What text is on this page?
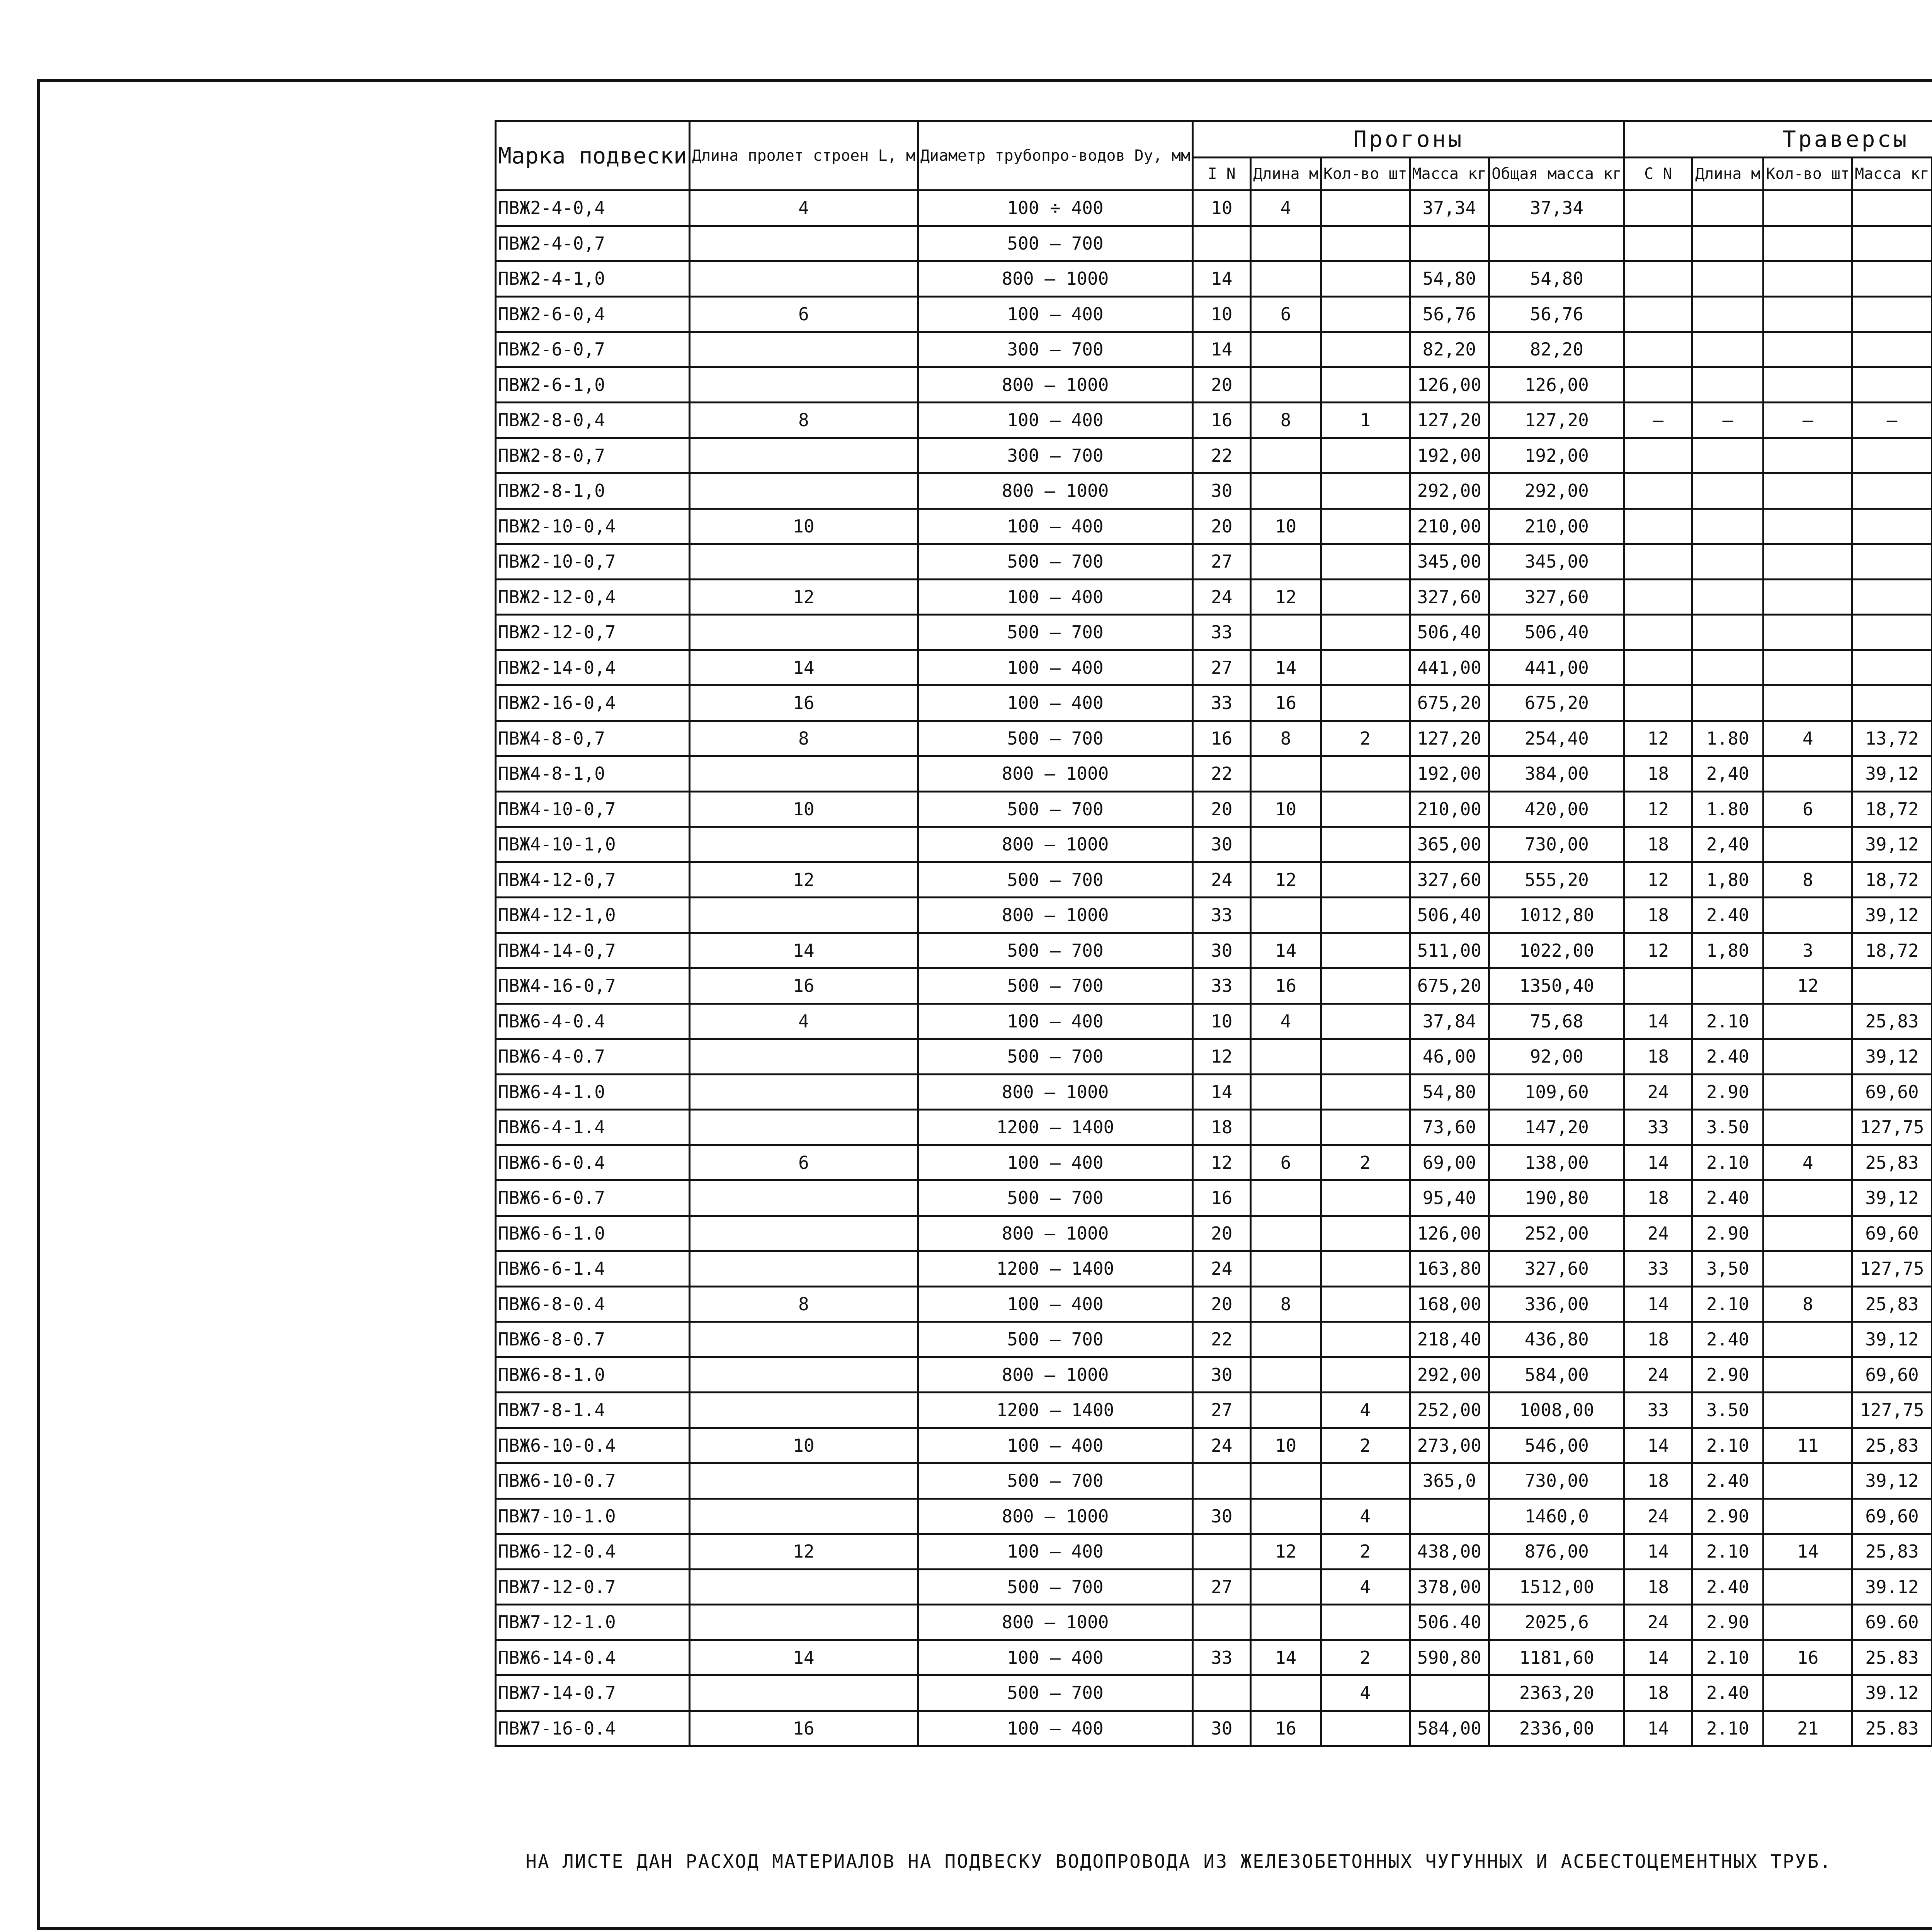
Марка подвески	Длина пролет строен L, м	Диаметр трубопро-водов Dy, мм	Прогоны					Траверсы	
			I N	Длина м	Кол-во шт	Масса кг	Общая масса кг	C N	Длина м	Кол-во шт	Масса кг						
ПВЖ2-4-0,4	4	100 ÷ 400	10	4		37,34	37,34										
ПВЖ2-4-0,7		500 – 700															
ПВЖ2-4-1,0		800 – 1000	14			54,80	54,80										
ПВЖ2-6-0,4	6	100 – 400	10	6		56,76	56,76										
ПВЖ2-6-0,7		300 – 700	14			82,20	82,20										
ПВЖ2-6-1,0		800 – 1000	20			126,00	126,00										
ПВЖ2-8-0,4	8	100 – 400	16	8	1	127,20	127,20	–	–	–	–						
ПВЖ2-8-0,7		300 – 700	22			192,00	192,00										
ПВЖ2-8-1,0		800 – 1000	30			292,00	292,00										
ПВЖ2-10-0,4	10	100 – 400	20	10		210,00	210,00										
ПВЖ2-10-0,7		500 – 700	27			345,00	345,00										
ПВЖ2-12-0,4	12	100 – 400	24	12		327,60	327,60										
ПВЖ2-12-0,7		500 – 700	33			506,40	506,40										
ПВЖ2-14-0,4	14	100 – 400	27	14		441,00	441,00										
ПВЖ2-16-0,4	16	100 – 400	33	16		675,20	675,20										
ПВЖ4-8-0,7	8	500 – 700	16	8	2	127,20	254,40	12	1.80	4	13,72						
ПВЖ4-8-1,0		800 – 1000	22			192,00	384,00	18	2,40		39,12						
ПВЖ4-10-0,7	10	500 – 700	20	10		210,00	420,00	12	1.80	6	18,72						
ПВЖ4-10-1,0		800 – 1000	30			365,00	730,00	18	2,40		39,12						
ПВЖ4-12-0,7	12	500 – 700	24	12		327,60	555,20	12	1,80	8	18,72						
ПВЖ4-12-1,0		800 – 1000	33			506,40	1012,80	18	2.40		39,12						
ПВЖ4-14-0,7	14	500 – 700	30	14		511,00	1022,00	12	1,80	3	18,72						
ПВЖ4-16-0,7	16	500 – 700	33	16		675,20	1350,40			12							
ПВЖ6-4-0.4	4	100 – 400	10	4		37,84	75,68	14	2.10		25,83						
ПВЖ6-4-0.7		500 – 700	12			46,00	92,00	18	2.40		39,12						
ПВЖ6-4-1.0		800 – 1000	14			54,80	109,60	24	2.90		69,60						
ПВЖ6-4-1.4		1200 – 1400	18			73,60	147,20	33	3.50		127,75						
ПВЖ6-6-0.4	6	100 – 400	12	6	2	69,00	138,00	14	2.10	4	25,83						
ПВЖ6-6-0.7		500 – 700	16			95,40	190,80	18	2.40		39,12						
ПВЖ6-6-1.0		800 – 1000	20			126,00	252,00	24	2.90		69,60						
ПВЖ6-6-1.4		1200 – 1400	24			163,80	327,60	33	3,50		127,75						
ПВЖ6-8-0.4	8	100 – 400	20	8		168,00	336,00	14	2.10	8	25,83						
ПВЖ6-8-0.7		500 – 700	22			218,40	436,80	18	2.40		39,12						
ПВЖ6-8-1.0		800 – 1000	30			292,00	584,00	24	2.90		69,60						
ПВЖ7-8-1.4		1200 – 1400	27		4	252,00	1008,00	33	3.50		127,75						
ПВЖ6-10-0.4	10	100 – 400	24	10	2	273,00	546,00	14	2.10	11	25,83						
ПВЖ6-10-0.7		500 – 700				365,0	730,00	18	2.40		39,12						
ПВЖ7-10-1.0		800 – 1000	30		4		1460,0	24	2.90		69,60						
ПВЖ6-12-0.4	12	100 – 400		12	2	438,00	876,00	14	2.10	14	25,83						
ПВЖ7-12-0.7		500 – 700	27		4	378,00	1512,00	18	2.40		39.12						
ПВЖ7-12-1.0		800 – 1000				506.40	2025,6	24	2.90		69.60						
ПВЖ6-14-0.4	14	100 – 400	33	14	2	590,80	1181,60	14	2.10	16	25.83						
ПВЖ7-14-0.7		500 – 700			4		2363,20	18	2.40		39.12						
ПВЖ7-16-0.4	16	100 – 400	30	16		584,00	2336,00	14	2.10	21	25.83						
НА ЛИСТЕ ДАН РАСХОД МАТЕРИАЛОВ НА ПОДВЕСКУ ВОДОПРОВОДА ИЗ ЖЕЛЕЗОБЕТОННЫХ ЧУГУННЫХ И АСБЕСТОЦЕМЕНТНЫХ ТРУБ.
